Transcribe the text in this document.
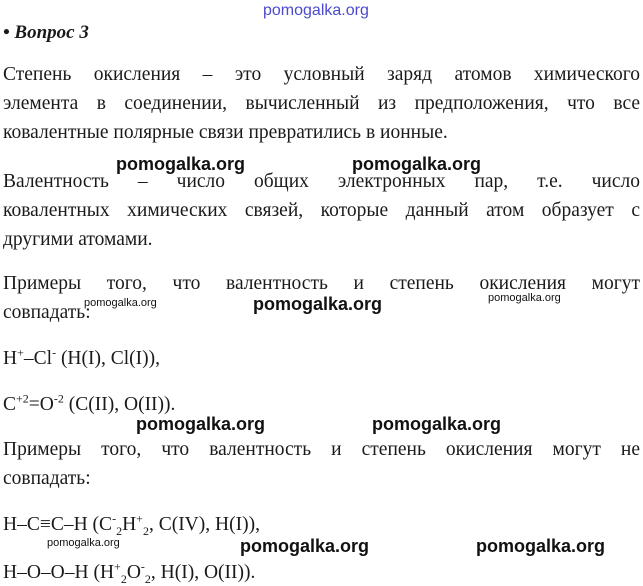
pomogalka.org
• Вопрос 3
Степень окисления – это условный заряд атомов химического
элемента в соединении, вычисленный из предположения, что все
ковалентные полярные связи превратились в ионные.
Валентность – число общих электронных пар, т.е. число
ковалентных химических связей, которые данный атом образует с
другими атомами.
Примеры того, что валентность и степень окисления могут
совпадать:
H+–Cl- (H(I), Cl(I)),
$C^{+2}=O^{-2}$ (C(II), O(II)).
Примеры того, что валентность и степень окисления могут не
совпадать:
H–C≡C–H ($C^-_2H^+_2$, C(IV), H(I)),
H–O–O–H ($H^+_2O^-_2$, H(I), O(II)).
pomogalka.org	pomogalka.org
pomogalka.org	pomogalka.org	pomogalka.org
pomogalka.org	pomogalka.org
pomogalka.org	pomogalka.org	pomogalka.org
